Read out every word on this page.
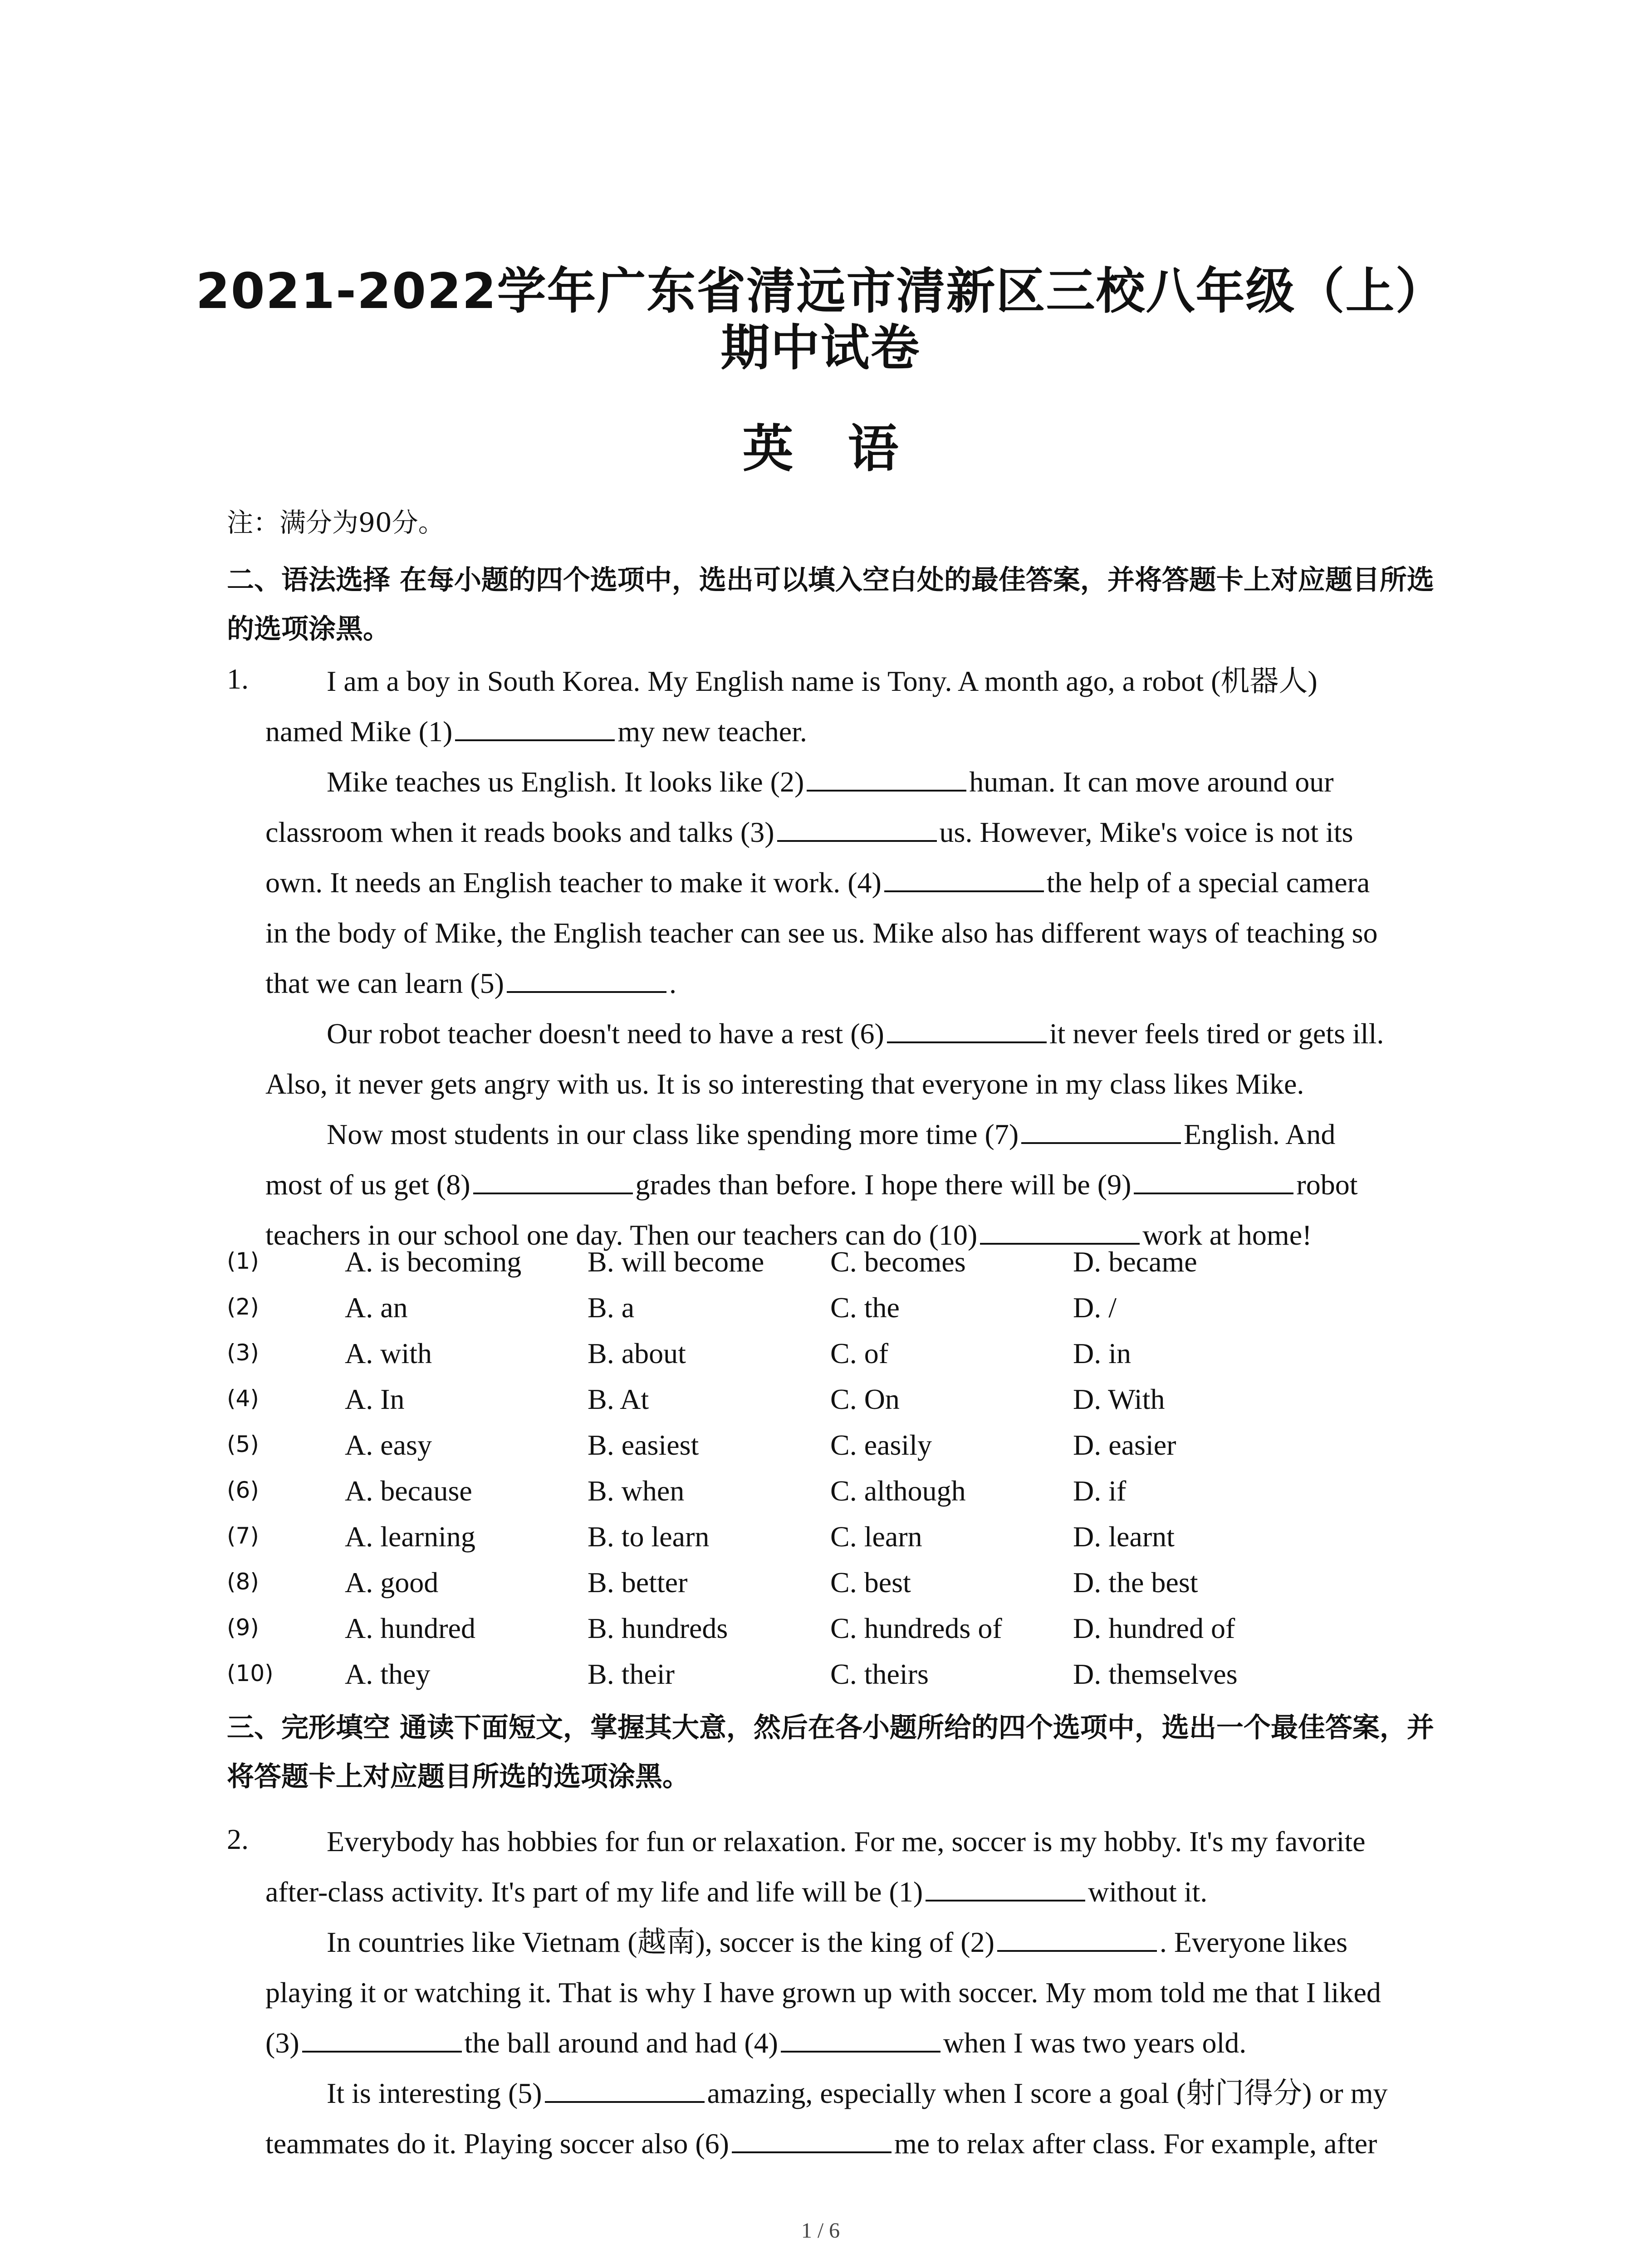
2021-2022学年广东省清远市清新区三校八年级（上）
期中试卷
英语
注：满分为90分。
二、语法选择 在每小题的四个选项中，选出可以填入空白处的最佳答案，并将答题卡上对应题目所选的选项涂黑。
1.	I am a boy in South Korea. My English name is Tony. A month ago, a robot (机器人)

named Mike (1)	my new teacher.

Mike teaches us English. It looks like (2)	human. It can move around our

classroom when it reads books and talks (3)	us. However, Mike's voice is not its

own. It needs an English teacher to make it work. (4)	the help of a special camera

in the body of Mike, the English teacher can see us. Mike also has different ways of teaching so

that we can learn (5)	.

Our robot teacher doesn't need to have a rest (6)	it never feels tired or gets ill.

Also, it never gets angry with us. It is so interesting that everyone in my class likes Mike.

Now most students in our class like spending more time (7)	English. And

most of us get (8)	grades than before. I hope there will be (9)	robot

teachers in our school one day. Then our teachers can do (10)	work at home!

(1)	A. is becoming B. will become C. becomes	D. became
(2)	A. an	B. a	C. the	D. /
(3)	A. with	B. about	C. of	D. in
(4)	A. In	B. At	C. On	D. With
(5)	A. easy	B. easiest	C. easily	D. easier
(6)	A. because	B. when	C. although	D. if
(7)	A. learning	B. to learn	C. learn	D. learnt
(8)	A. good	B. better	C. best	D. the best
(9)	A. hundred	B. hundreds	C. hundreds of D. hundred of
(10) A. they	B. their	C. theirs	D. themselves
三、完形填空 通读下面短文，掌握其大意，然后在各小题所给的四个选项中，选出一个最佳答案，并将答题卡上对应题目所选的选项涂黑。
2.	Everybody has hobbies for fun or relaxation. For me, soccer is my hobby. It's my favorite

after-class activity. It's part of my life and life will be (1)	without it.

In countries like Vietnam (越南), soccer is the king of (2)	. Everyone likes

playing it or watching it. That is why I have grown up with soccer. My mom told me that I liked

(3)	the ball around and had (4)	when I was two years old.

It is interesting (5)	amazing, especially when I score a goal (射门得分) or my

teammates do it. Playing soccer also (6)	me to relax after class. For example, after

1 / 6
